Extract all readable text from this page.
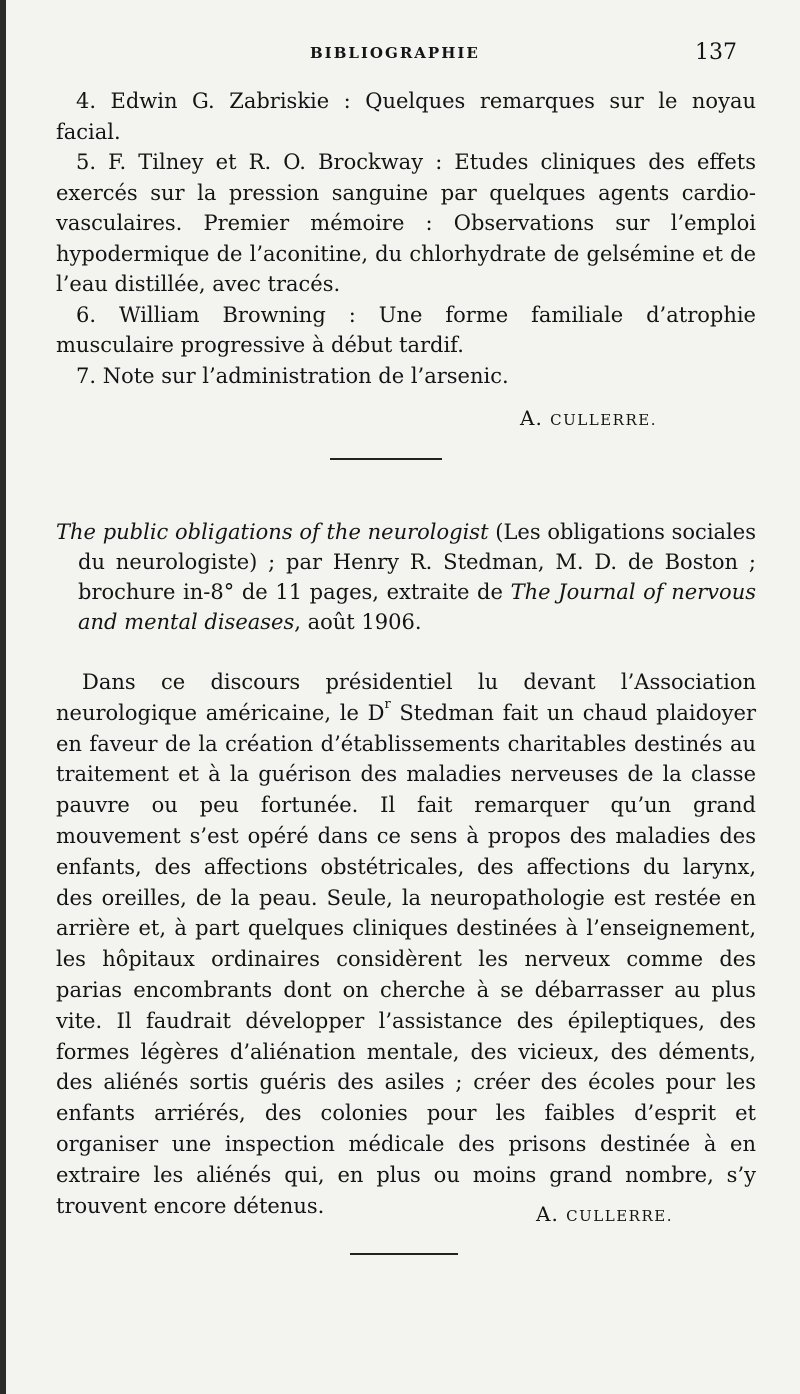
BIBLIOGRAPHIE	137

4. Edwin G. Zabriskie : Quelques remarques sur le noyau facial.

5. F. Tilney et R. O. Brockway : Etudes cliniques des effets exercés sur la pression sanguine par quelques agents cardio-vasculaires. Premier mémoire : Observations sur l’emploi hypodermique de l’aconitine, du chlorhydrate de gelsémine et de l’eau distillée, avec tracés.

6. William Browning : Une forme familiale d’atrophie musculaire progressive à début tardif.

7. Note sur l’administration de l’arsenic.

A. CULLERRE.

The public obligations of the neurologist (Les obligations sociales du neurologiste) ; par Henry R. Stedman, M. D. de Boston ; brochure in-8° de 11 pages, extraite de The Journal of nervous and mental diseases, août 1906.

Dans ce discours présidentiel lu devant l’Association neurologique américaine, le $D^r$ Stedman fait un chaud plaidoyer en faveur de la création d’établissements charitables destinés au traitement et à la guérison des maladies nerveuses de la classe pauvre ou peu fortunée. Il fait remarquer qu’un grand mouvement s’est opéré dans ce sens à propos des maladies des enfants, des affections obstétricales, des affections du larynx, des oreilles, de la peau. Seule, la neuropathologie est restée en arrière et, à part quelques cliniques destinées à l’enseignement, les hôpitaux ordinaires considèrent les nerveux comme des parias encombrants dont on cherche à se débarrasser au plus vite. Il faudrait développer l’assistance des épileptiques, des formes légères d’aliénation mentale, des vicieux, des déments, des aliénés sortis guéris des asiles ; créer des écoles pour les enfants arriérés, des colonies pour les faibles d’esprit et organiser une inspection médicale des prisons destinée à en extraire les aliénés qui, en plus ou moins grand nombre, s’y trouvent encore détenus.	A. CULLERRE.
